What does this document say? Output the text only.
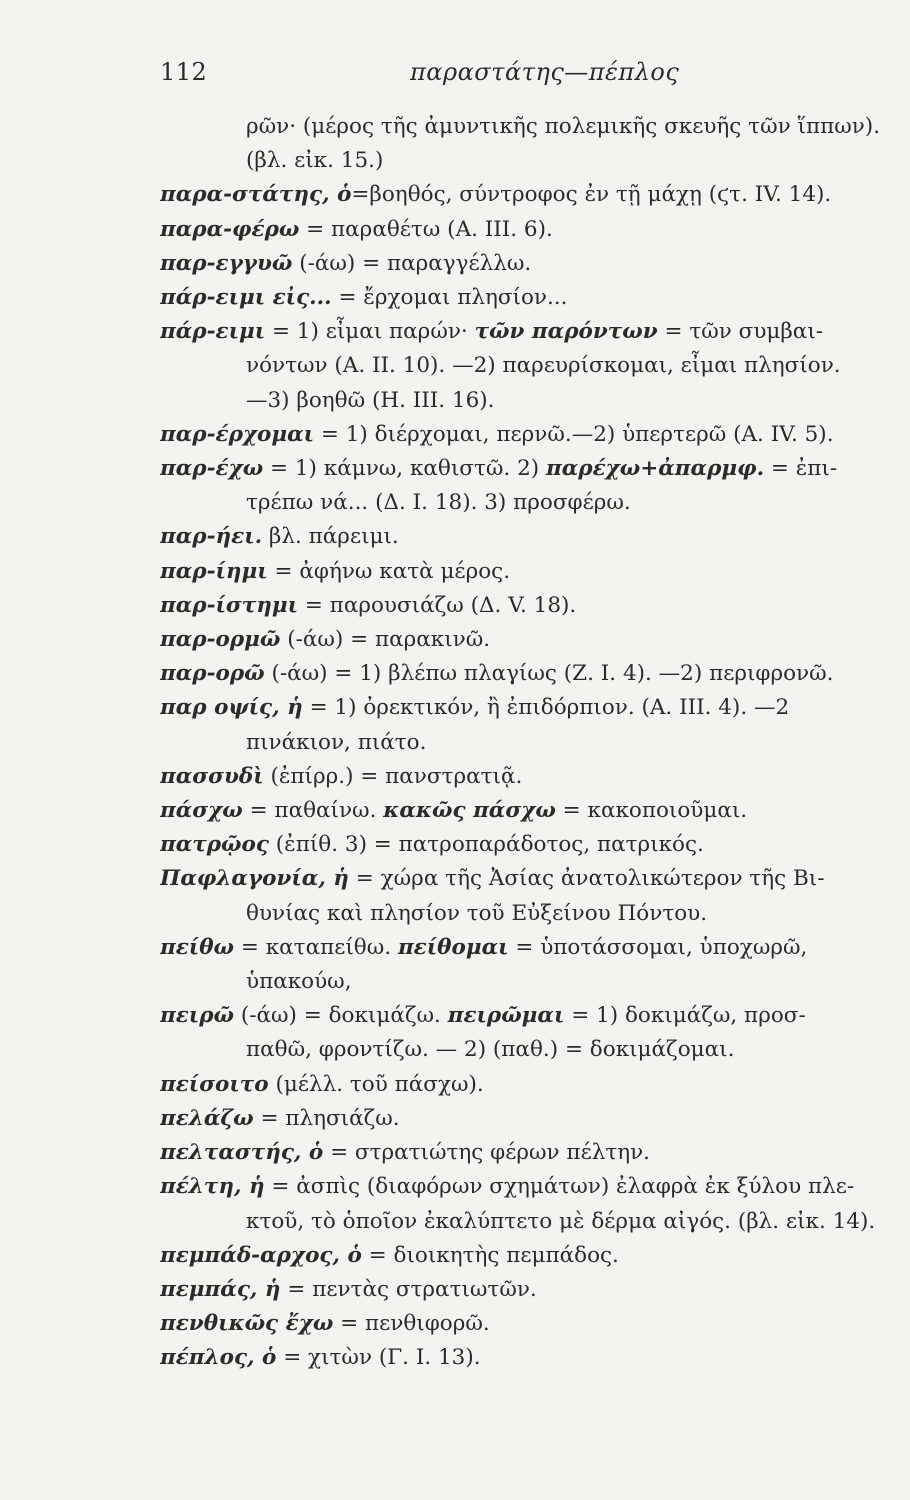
112	παραστάτης—πέπλος
ρῶν· (μέρος τῆς ἀμυντικῆς πολεμικῆς σκευῆς τῶν ἵππων).
(βλ. εἰκ. 15.)
παρα-στάτης, ὁ=βοηθός, σύντροφος ἐν τῇ μάχῃ (ϛτ. IV. 14).
παρα-φέρω = παραθέτω (Α. III. 6).
παρ-εγγυῶ (-άω) = παραγγέλλω.
πάρ-ειμι εἰς... = ἔρχομαι πλησίον...
πάρ-ειμι = 1) εἶμαι παρών· τῶν παρόντων = τῶν συμβαι-
νόντων (Α. II. 10). —2) παρευρίσκομαι, εἶμαι πλησίον.
—3) βοηθῶ (Η. III. 16).
παρ-έρχομαι = 1) διέρχομαι, περνῶ.—2) ὑπερτερῶ (Α. IV. 5).
παρ-έχω = 1) κάμνω, καθιστῶ. 2) παρέχω+ἀπαρμφ. = ἐπι-
τρέπω νά... (Δ. I. 18). 3) προσφέρω.
παρ-ήει. βλ. πάρειμι.
παρ-ίημι = ἀφήνω κατὰ μέρος.
παρ-ίστημι = παρουσιάζω (Δ. V. 18).
παρ-ορμῶ (-άω) = παρακινῶ.
παρ-ορῶ (-άω) = 1) βλέπω πλαγίως (Ζ. I. 4). —2) περιφρονῶ.
παρ οψίς, ἡ = 1) ὀρεκτικόν, ἢ ἐπιδόρπιον. (Α. III. 4). —2
πινάκιον, πιάτο.
πασσυδὶ (ἐπίρρ.) = πανστρατιᾷ.
πάσχω = παθαίνω. κακῶς πάσχω = κακοποιοῦμαι.
πατρῷος (ἐπίθ. 3) = πατροπαράδοτος, πατρικός.
Παφλαγονία, ἡ = χώρα τῆς Ἀσίας ἀνατολικώτερον τῆς Βι-
θυνίας καὶ πλησίον τοῦ Εὐξείνου Πόντου.
πείθω = καταπείθω. πείθομαι = ὑποτάσσομαι, ὑποχωρῶ,
ὑπακούω,
πειρῶ (-άω) = δοκιμάζω. πειρῶμαι = 1) δοκιμάζω, προσ-
παθῶ, φροντίζω. — 2) (παθ.) = δοκιμάζομαι.
πείσοιτο (μέλλ. τοῦ πάσχω).
πελάζω = πλησιάζω.
πελταστής, ὁ = στρατιώτης φέρων πέλτην.
πέλτη, ἡ = ἀσπὶς (διαφόρων σχημάτων) ἐλαφρὰ ἐκ ξύλου πλε-
κτοῦ, τὸ ὁποῖον ἐκαλύπτετο μὲ δέρμα αἰγός. (βλ. εἰκ. 14).
πεμπάδ-αρχος, ὁ = διοικητὴς πεμπάδος.
πεμπάς, ἡ = πεντὰς στρατιωτῶν.
πενθικῶς ἔχω = πενθιφορῶ.
πέπλος, ὁ = χιτὼν (Γ. I. 13).
